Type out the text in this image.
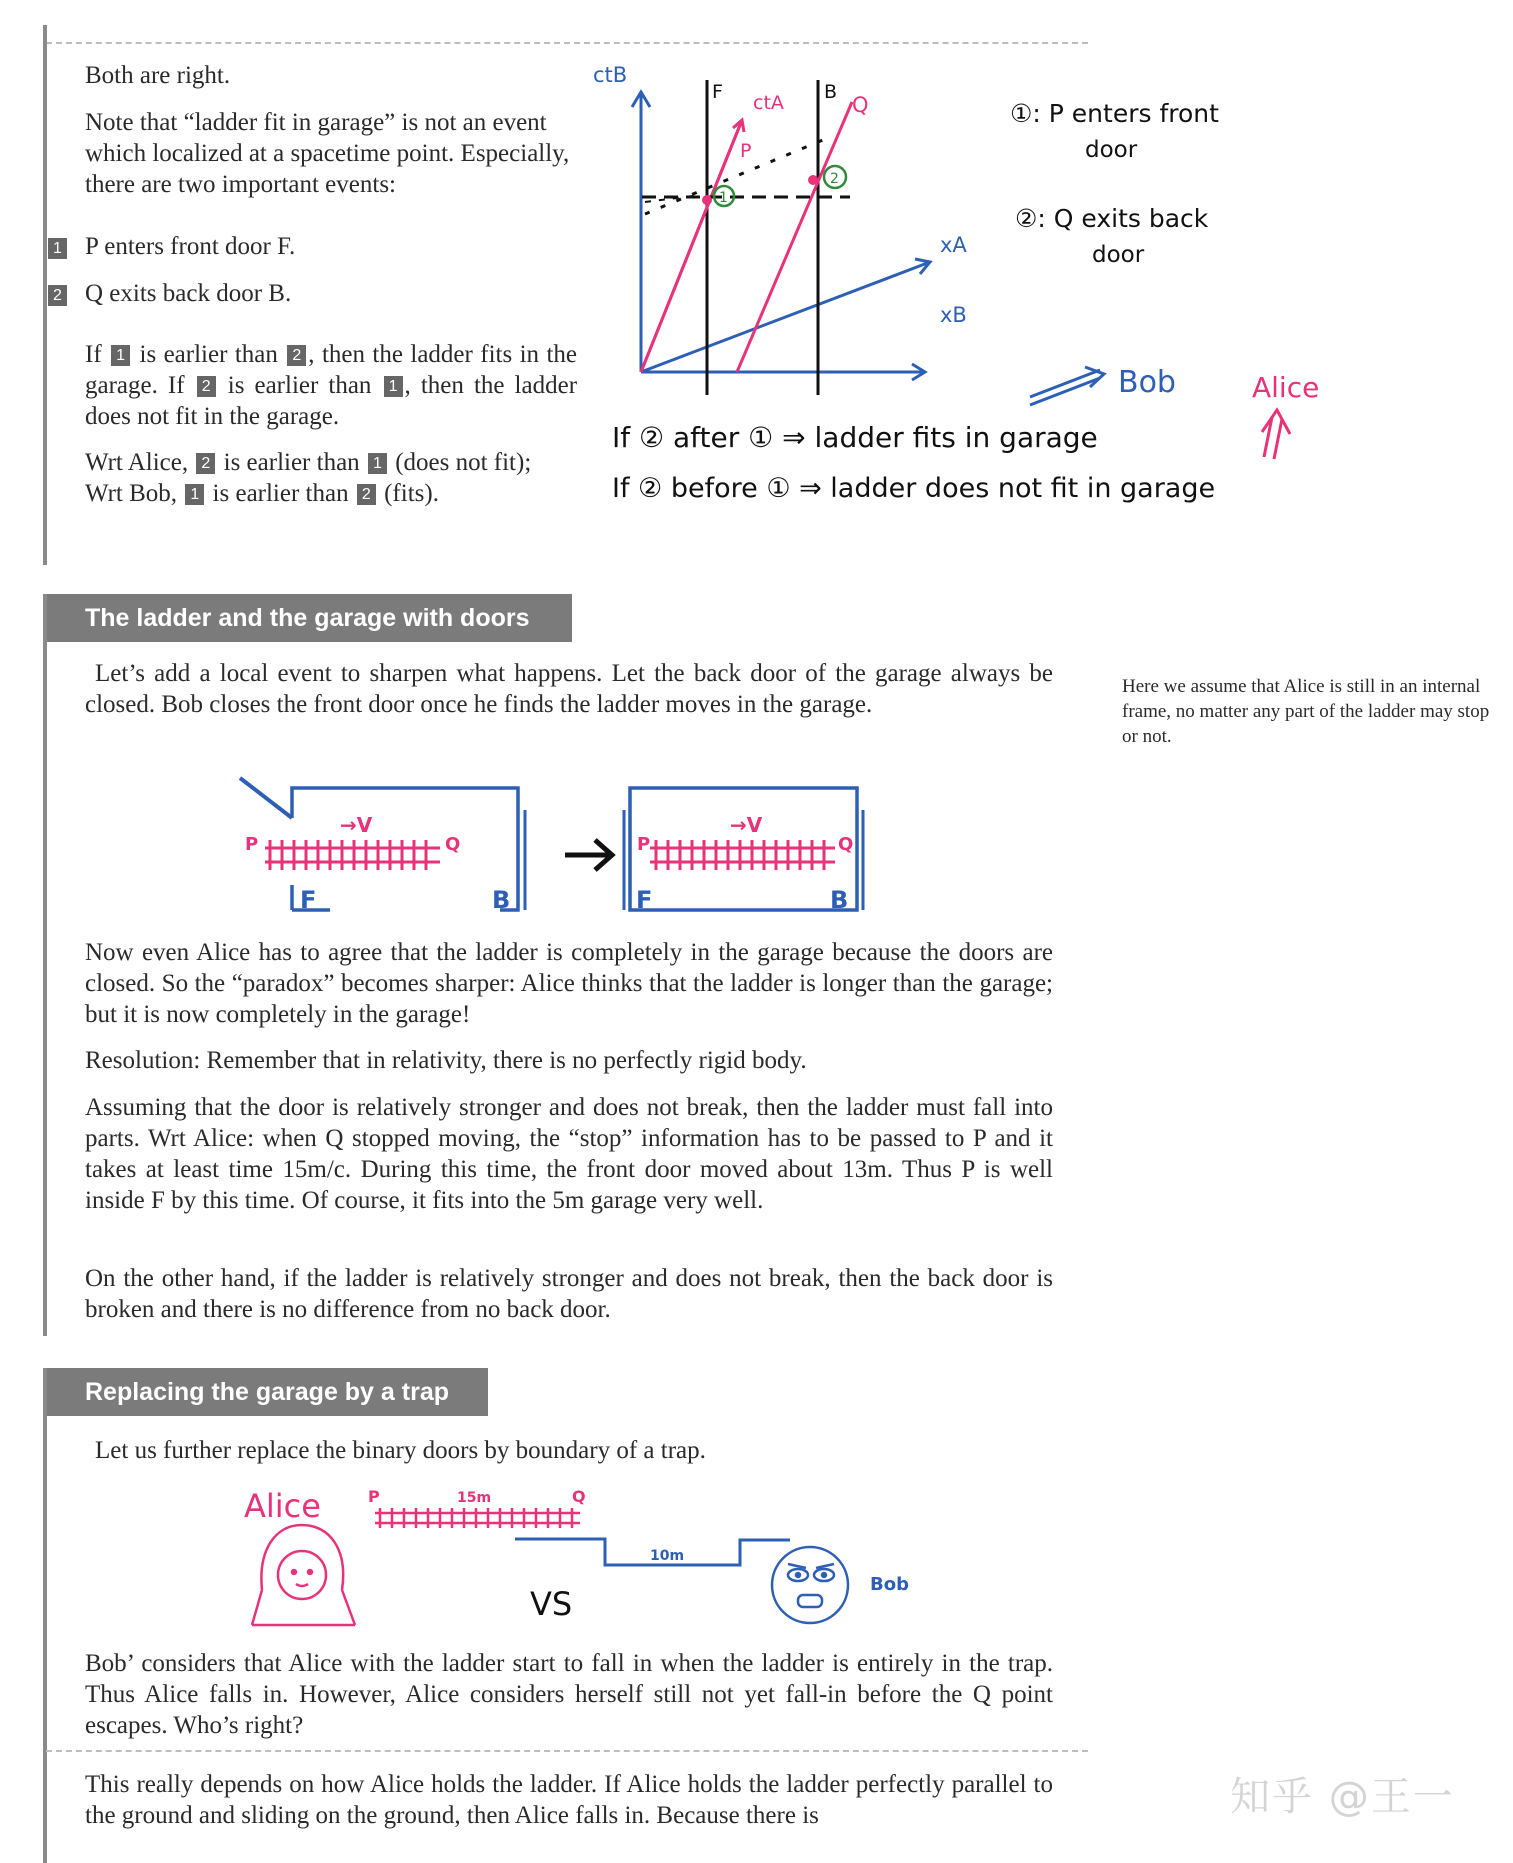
Both are right.

Note that “ladder fit in garage” is not an event which localized at a spacetime point. Especially, there are two important events:

1 P enters front door F.

2 Q exits back door B.

If 1 is earlier than 2 , then the ladder fits in the garage. If 2 is earlier than 1 , then the ladder does not fit in the garage.

Wrt Alice, 2 is earlier than 1 (does not fit);
Wrt Bob, 1 is earlier than 2 (fits).

ctB
xB
xA
F	B
ctA
P
Q
1
2
①: P enters front
door
②: Q exits back
door
Bob	Alice
If ② after ① ⇒ ladder fits in garage
If ② before ① ⇒ ladder does not fit in garage
The ladder and the garage with doors

Let’s add a local event to sharpen what happens. Let the back door of the garage always be closed. Bob closes the front door once he finds the ladder moves in the garage.

Here we assume that Alice is still in an internal frame, no matter any part of the ladder may stop or not.

F	B
P	Q
→V
F	B
P	Q
→V

Now even Alice has to agree that the ladder is completely in the garage because the doors are closed. So the “paradox” becomes sharper: Alice thinks that the ladder is longer than the garage; but it is now completely in the garage!

Resolution: Remember that in relativity, there is no perfectly rigid body.

Assuming that the door is relatively stronger and does not break, then the ladder must fall into parts. Wrt Alice: when Q stopped moving, the “stop” information has to be passed to P and it takes at least time 15m/c. During this time, the front door moved about 13m. Thus P is well inside F by this time. Of course, it fits into the 5m garage very well.

On the other hand, if the ladder is relatively stronger and does not break, then the back door is broken and there is no difference from no back door.

Replacing the garage by a trap

Let us further replace the binary doors by boundary of a trap.

Alice	P	15m	Q
10m
VS
Bob

Bob’ considers that Alice with the ladder start to fall in when the ladder is entirely in the trap. Thus Alice falls in. However, Alice considers herself still not yet fall-in before the Q point escapes. Who’s right?

This really depends on how Alice holds the ladder. If Alice holds the ladder perfectly parallel to the ground and sliding on the ground, then Alice falls in. Because there is	知乎 @王一
